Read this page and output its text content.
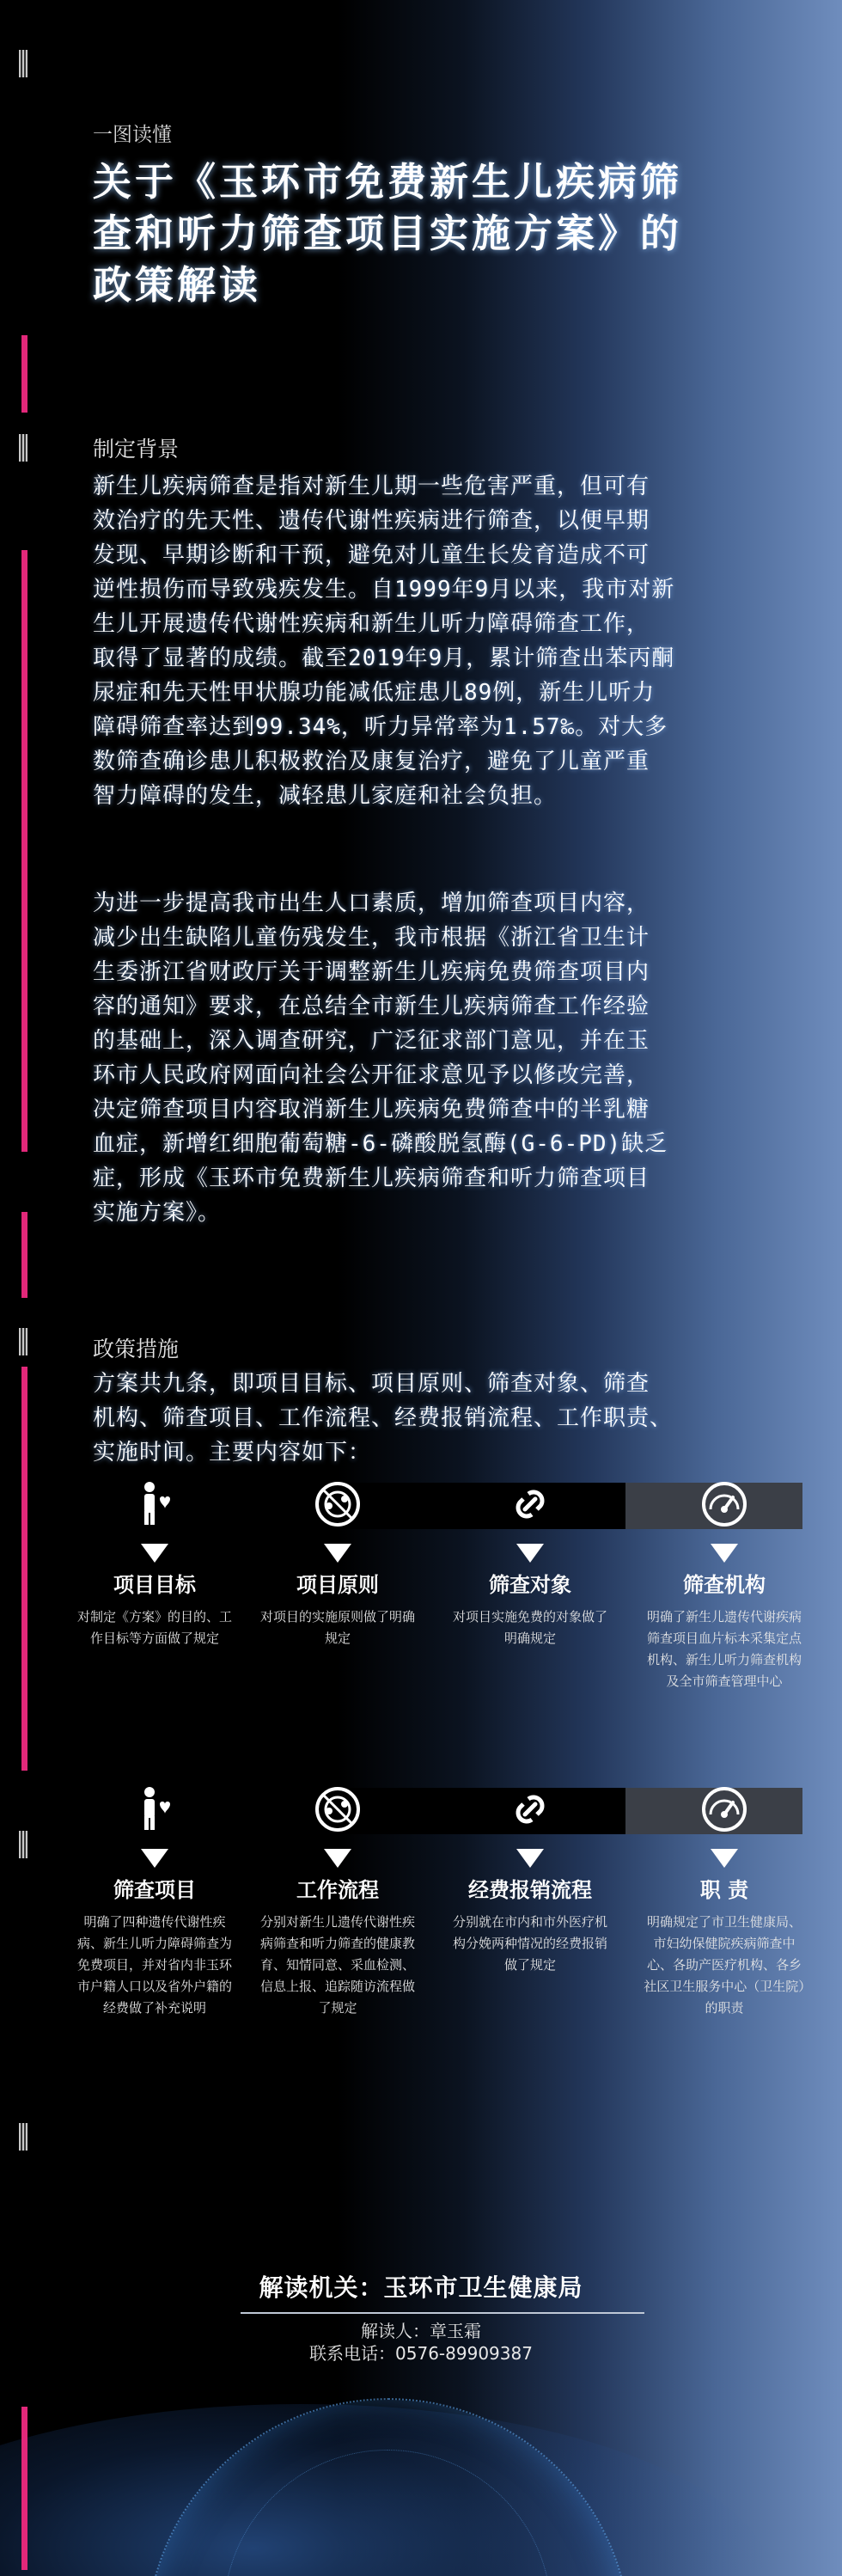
一图读懂
关于《玉环市免费新生儿疾病筛
查和听力筛查项目实施方案》的
政策解读
制定背景
新生儿疾病筛查是指对新生儿期一些危害严重，但可有
效治疗的先天性、遗传代谢性疾病进行筛查，以便早期
发现、早期诊断和干预，避免对儿童生长发育造成不可
逆性损伤而导致残疾发生。自1999年9月以来，我市对新
生儿开展遗传代谢性疾病和新生儿听力障碍筛查工作，
取得了显著的成绩。截至2019年9月，累计筛查出苯丙酮
尿症和先天性甲状腺功能减低症患儿89例，新生儿听力
障碍筛查率达到99.34%，听力异常率为1.57‰。对大多
数筛查确诊患儿积极救治及康复治疗，避免了儿童严重
智力障碍的发生，减轻患儿家庭和社会负担。
为进一步提高我市出生人口素质，增加筛查项目内容，
减少出生缺陷儿童伤残发生，我市根据《浙江省卫生计
生委浙江省财政厅关于调整新生儿疾病免费筛查项目内
容的通知》要求，在总结全市新生儿疾病筛查工作经验
的基础上，深入调查研究，广泛征求部门意见，并在玉
环市人民政府网面向社会公开征求意见予以修改完善，
决定筛查项目内容取消新生儿疾病免费筛查中的半乳糖
血症，新增红细胞葡萄糖-6-磷酸脱氢酶(G-6-PD)缺乏
症，形成《玉环市免费新生儿疾病筛查和听力筛查项目
实施方案》。
政策措施
方案共九条，即项目目标、项目原则、筛查对象、筛查
机构、筛查项目、工作流程、经费报销流程、工作职责、
实施时间。主要内容如下：
项目目标
对制定《方案》的目的、工作目标等方面做了规定
项目原则
对项目的实施原则做了明确规定
筛查对象
对项目实施免费的对象做了明确规定
筛查机构
明确了新生儿遗传代谢疾病筛查项目血片标本采集定点机构、新生儿听力筛查机构及全市筛查管理中心
筛查项目
明确了四种遗传代谢性疾病、新生儿听力障碍筛查为免费项目，并对省内非玉环市户籍人口以及省外户籍的经费做了补充说明
工作流程
分别对新生儿遗传代谢性疾病筛查和听力筛查的健康教育、知情同意、采血检测、信息上报、追踪随访流程做了规定
经费报销流程
分别就在市内和市外医疗机构分娩两种情况的经费报销做了规定
职 责
明确规定了市卫生健康局、市妇幼保健院疾病筛查中心、各助产医疗机构、各乡社区卫生服务中心（卫生院）的职责
解读机关：玉环市卫生健康局
解读人：章玉霜
联系电话：0576-89909387
